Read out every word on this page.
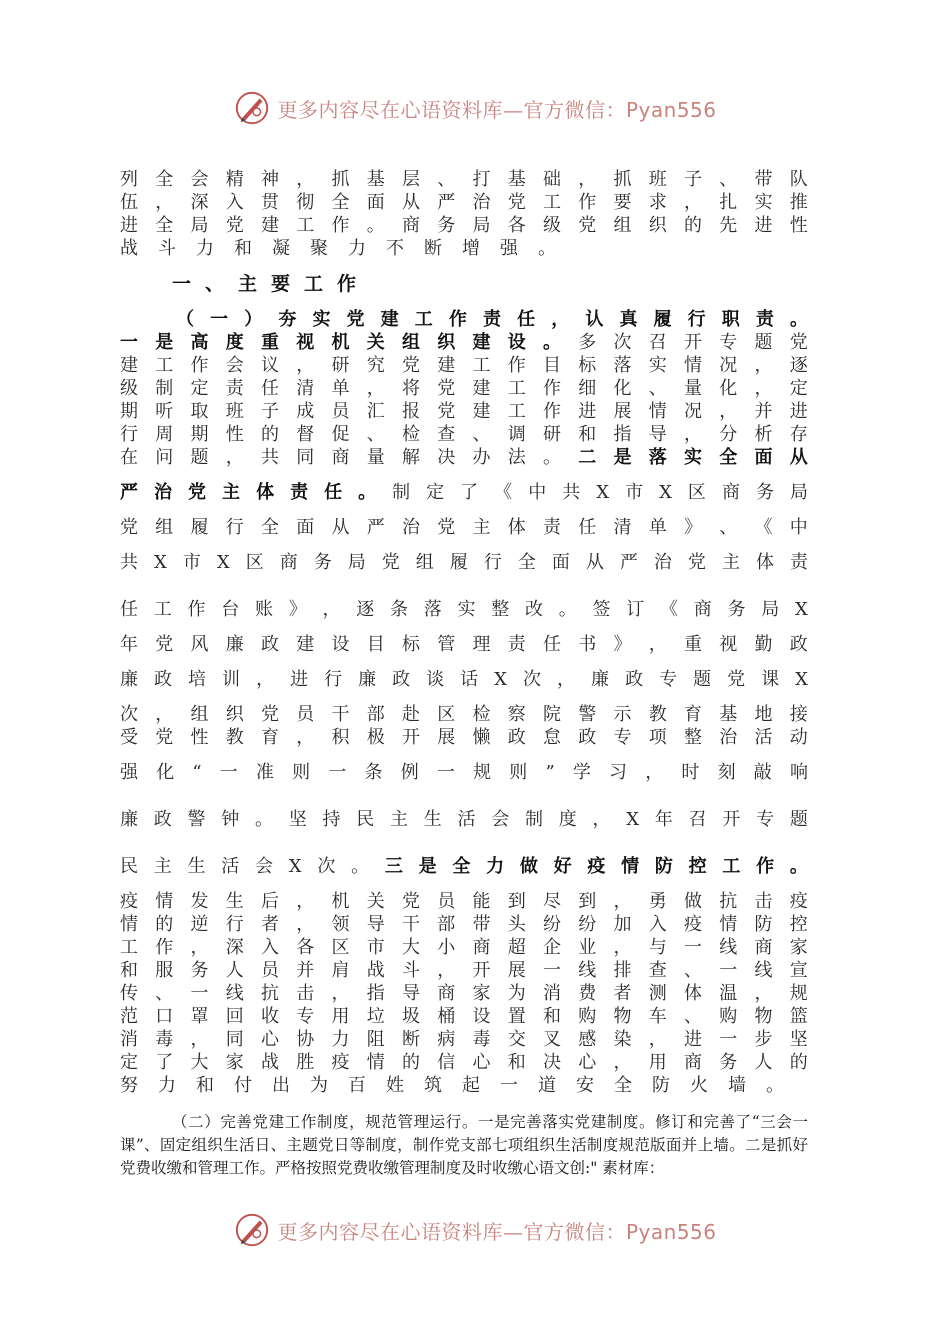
更多内容尽在心语资料库—官方微信：Pyan556
列 全 会 精 神 ， 抓 基 层 、 打 基 础 ， 抓 班 子 、 带 队
伍 ， 深 入 贯 彻 全 面 从 严 治 党 工 作 要 求 ， 扎 实 推
进 全 局 党 建 工 作 。 商 务 局 各 级 党 组 织 的 先 进 性
战 斗 力 和 凝 聚 力 不 断 增 强 。
一、主要工作
（ 一 ） 夯 实 党 建 工 作 责 任 ， 认 真 履 行 职 责 。
一 是 高 度 重 视 机 关 组 织 建 设 。 多 次 召 开 专 题 党
建 工 作 会 议 ， 研 究 党 建 工 作 目 标 落 实 情 况 ， 逐
级 制 定 责 任 清 单 ， 将 党 建 工 作 细 化 、 量 化 ， 定
期 听 取 班 子 成 员 汇 报 党 建 工 作 进 展 情 况 ， 并 进
行 周 期 性 的 督 促 、 检 查 、 调 研 和 指 导 ， 分 析 存
在 问 题 ， 共 同 商 量 解 决 办 法 。 二 是 落 实 全 面 从
严 治 党 主 体 责 任 。 制 定 了 《 中 共 X 市 X 区 商 务 局
党 组 履 行 全 面 从 严 治 党 主 体 责 任 清 单 》 、 《 中
共 X 市 X 区 商 务 局 党 组 履 行 全 面 从 严 治 党 主 体 责
任 工 作 台 账 》 ， 逐 条 落 实 整 改 。 签 订 《 商 务 局 X
年 党 风 廉 政 建 设 目 标 管 理 责 任 书 》 ， 重 视 勤 政
廉 政 培 训 ， 进 行 廉 政 谈 话 X 次 ， 廉 政 专 题 党 课 X
次 ， 组 织 党 员 干 部 赴 区 检 察 院 警 示 教 育 基 地 接
受 党 性 教 育 ， 积 极 开 展 懒 政 怠 政 专 项 整 治 活 动
强 化 “ 一 准 则 一 条 例 一 规 则 ” 学 习 ， 时 刻 敲 响
廉 政 警 钟 。 坚 持 民 主 生 活 会 制 度 ， X 年 召 开 专 题
民 主 生 活 会 X 次 。 三 是 全 力 做 好 疫 情 防 控 工 作 。
疫 情 发 生 后 ， 机 关 党 员 能 到 尽 到 ， 勇 做 抗 击 疫
情 的 逆 行 者 ， 领 导 干 部 带 头 纷 纷 加 入 疫 情 防 控
工 作 ， 深 入 各 区 市 大 小 商 超 企 业 ， 与 一 线 商 家
和 服 务 人 员 并 肩 战 斗 ， 开 展 一 线 排 查 、 一 线 宣
传 、 一 线 抗 击 ， 指 导 商 家 为 消 费 者 测 体 温 ， 规
范 口 罩 回 收 专 用 垃 圾 桶 设 置 和 购 物 车 、 购 物 篮
消 毒 ， 同 心 协 力 阻 断 病 毒 交 叉 感 染 ， 进 一 步 坚
定 了 大 家 战 胜 疫 情 的 信 心 和 决 心 ， 用 商 务 人 的
努 力 和 付 出 为 百 姓 筑 起 一 道 安 全 防 火 墙 。
（二）完善党建工作制度，规范管理运行。一是完善落实党建制度。修订和完善了“三会一课”、固定组织生活日、主题党日等制度，制作党支部七项组织生活制度规范版面并上墙。二是抓好党费收缴和管理工作。严格按照党费收缴管理制度及时收缴心语文创:" 素材库：
更多内容尽在心语资料库—官方微信：Pyan556
